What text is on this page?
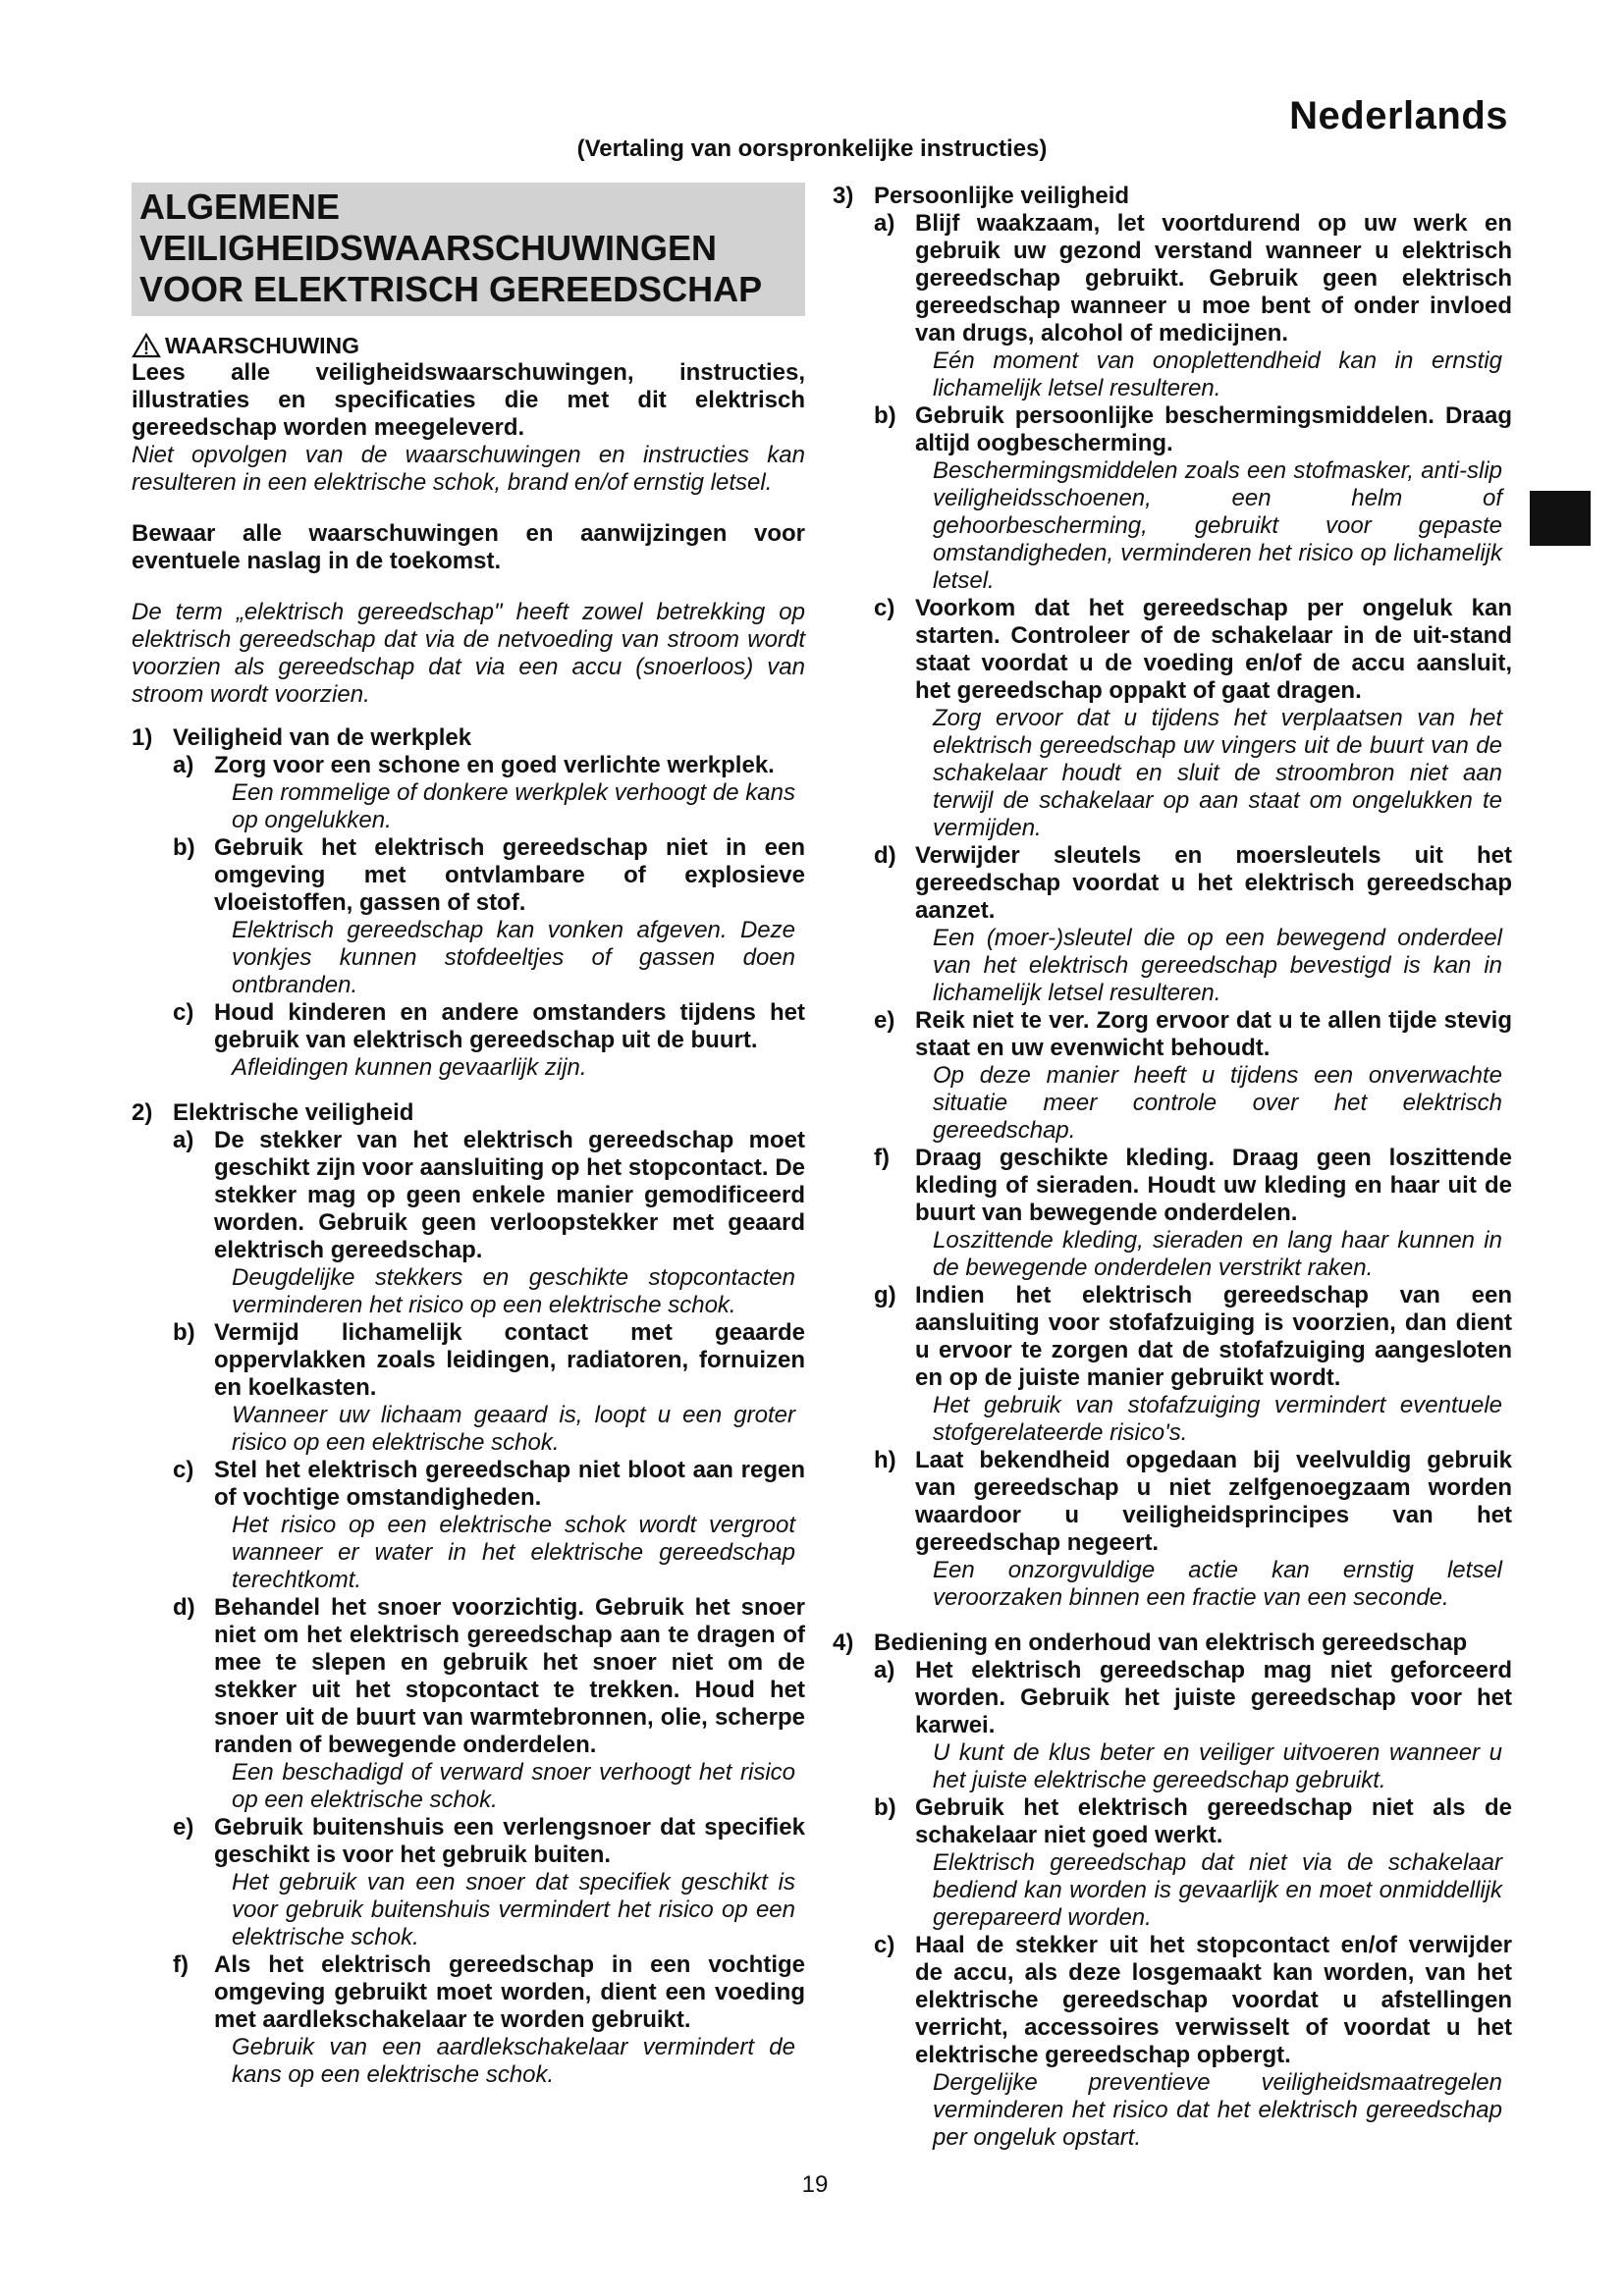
Nederlands
(Vertaling van oorspronkelijke instructies)
ALGEMENE
VEILIGHEIDSWAARSCHUWINGEN
VOOR ELEKTRISCH GEREEDSCHAP
WAARSCHUWING

Lees alle veiligheidswaarschuwingen, instructies, illustraties en specificaties die met dit elektrisch gereedschap worden meegeleverd.

Niet opvolgen van de waarschuwingen en instructies kan resulteren in een elektrische schok, brand en/of ernstig letsel.

Bewaar alle waarschuwingen en aanwijzingen voor eventuele naslag in de toekomst.

De term „elektrisch gereedschap" heeft zowel betrekking op elektrisch gereedschap dat via de netvoeding van stroom wordt voorzien als gereedschap dat via een accu (snoerloos) van stroom wordt voorzien.

1) Veiligheid van de werkplek
a) Zorg voor een schone en goed verlichte werkplek.

Een rommelige of donkere werkplek verhoogt de kans op ongelukken.

b) Gebruik het elektrisch gereedschap niet in een omgeving met ontvlambare of explosieve vloeistoffen, gassen of stof.

Elektrisch gereedschap kan vonken afgeven. Deze vonkjes kunnen stofdeeltjes of gassen doen ontbranden.

c) Houd kinderen en andere omstanders tijdens het gebruik van elektrisch gereedschap uit de buurt.

Afleidingen kunnen gevaarlijk zijn.

2) Elektrische veiligheid
a) De stekker van het elektrisch gereedschap moet geschikt zijn voor aansluiting op het stopcontact. De stekker mag op geen enkele manier gemodificeerd worden. Gebruik geen verloopstekker met geaard elektrisch gereedschap.

Deugdelijke stekkers en geschikte stopcontacten verminderen het risico op een elektrische schok.

b) Vermijd lichamelijk contact met geaarde oppervlakken zoals leidingen, radiatoren, fornuizen en koelkasten.

Wanneer uw lichaam geaard is, loopt u een groter risico op een elektrische schok.

c) Stel het elektrisch gereedschap niet bloot aan regen of vochtige omstandigheden.

Het risico op een elektrische schok wordt vergroot wanneer er water in het elektrische gereedschap terechtkomt.

d) Behandel het snoer voorzichtig. Gebruik het snoer niet om het elektrisch gereedschap aan te dragen of mee te slepen en gebruik het snoer niet om de stekker uit het stopcontact te trekken. Houd het snoer uit de buurt van warmtebronnen, olie, scherpe randen of bewegende onderdelen.

Een beschadigd of verward snoer verhoogt het risico op een elektrische schok.

e) Gebruik buitenshuis een verlengsnoer dat specifiek geschikt is voor het gebruik buiten.

Het gebruik van een snoer dat specifiek geschikt is voor gebruik buitenshuis vermindert het risico op een elektrische schok.

f)	Als het elektrisch gereedschap in een vochtige omgeving gebruikt moet worden, dient een voeding met aardlekschakelaar te worden gebruikt.

Gebruik van een aardlekschakelaar vermindert de kans op een elektrische schok.

3) Persoonlijke veiligheid
a) Blijf waakzaam, let voortdurend op uw werk en gebruik uw gezond verstand wanneer u elektrisch gereedschap gebruikt. Gebruik geen elektrisch gereedschap wanneer u moe bent of onder invloed van drugs, alcohol of medicijnen.

Eén moment van onoplettendheid kan in ernstig lichamelijk letsel resulteren.

b) Gebruik persoonlijke beschermingsmiddelen. Draag altijd oogbescherming.

Beschermingsmiddelen zoals een stofmasker, anti-slip veiligheidsschoenen, een helm of gehoorbescherming, gebruikt voor gepaste omstandigheden, verminderen het risico op lichamelijk letsel.

c) Voorkom dat het gereedschap per ongeluk kan starten. Controleer of de schakelaar in de uit-stand staat voordat u de voeding en/of de accu aansluit, het gereedschap oppakt of gaat dragen.

Zorg ervoor dat u tijdens het verplaatsen van het elektrisch gereedschap uw vingers uit de buurt van de schakelaar houdt en sluit de stroombron niet aan terwijl de schakelaar op aan staat om ongelukken te vermijden.

d) Verwijder sleutels en moersleutels uit het gereedschap voordat u het elektrisch gereedschap aanzet.

Een (moer-)sleutel die op een bewegend onderdeel van het elektrisch gereedschap bevestigd is kan in lichamelijk letsel resulteren.

e) Reik niet te ver. Zorg ervoor dat u te allen tijde stevig staat en uw evenwicht behoudt.

Op deze manier heeft u tijdens een onverwachte situatie meer controle over het elektrisch gereedschap.

f)	Draag geschikte kleding. Draag geen loszittende kleding of sieraden. Houdt uw kleding en haar uit de buurt van bewegende onderdelen.

Loszittende kleding, sieraden en lang haar kunnen in de bewegende onderdelen verstrikt raken.

g) Indien het elektrisch gereedschap van een aansluiting voor stofafzuiging is voorzien, dan dient u ervoor te zorgen dat de stofafzuiging aangesloten en op de juiste manier gebruikt wordt.

Het gebruik van stofafzuiging vermindert eventuele stofgerelateerde risico's.

h) Laat bekendheid opgedaan bij veelvuldig gebruik van gereedschap u niet zelfgenoegzaam worden waardoor u veiligheidsprincipes van het gereedschap negeert.

Een onzorgvuldige actie kan ernstig letsel veroorzaken binnen een fractie van een seconde.

4) Bediening en onderhoud van elektrisch gereedschap
a) Het elektrisch gereedschap mag niet geforceerd worden. Gebruik het juiste gereedschap voor het karwei.

U kunt de klus beter en veiliger uitvoeren wanneer u het juiste elektrische gereedschap gebruikt.

b) Gebruik het elektrisch gereedschap niet als de schakelaar niet goed werkt.

Elektrisch gereedschap dat niet via de schakelaar bediend kan worden is gevaarlijk en moet onmiddellijk gerepareerd worden.

c) Haal de stekker uit het stopcontact en/of verwijder de accu, als deze losgemaakt kan worden, van het elektrische gereedschap voordat u afstellingen verricht, accessoires verwisselt of voordat u het elektrische gereedschap opbergt.

Dergelijke preventieve veiligheidsmaatregelen verminderen het risico dat het elektrisch gereedschap per ongeluk opstart.

19
